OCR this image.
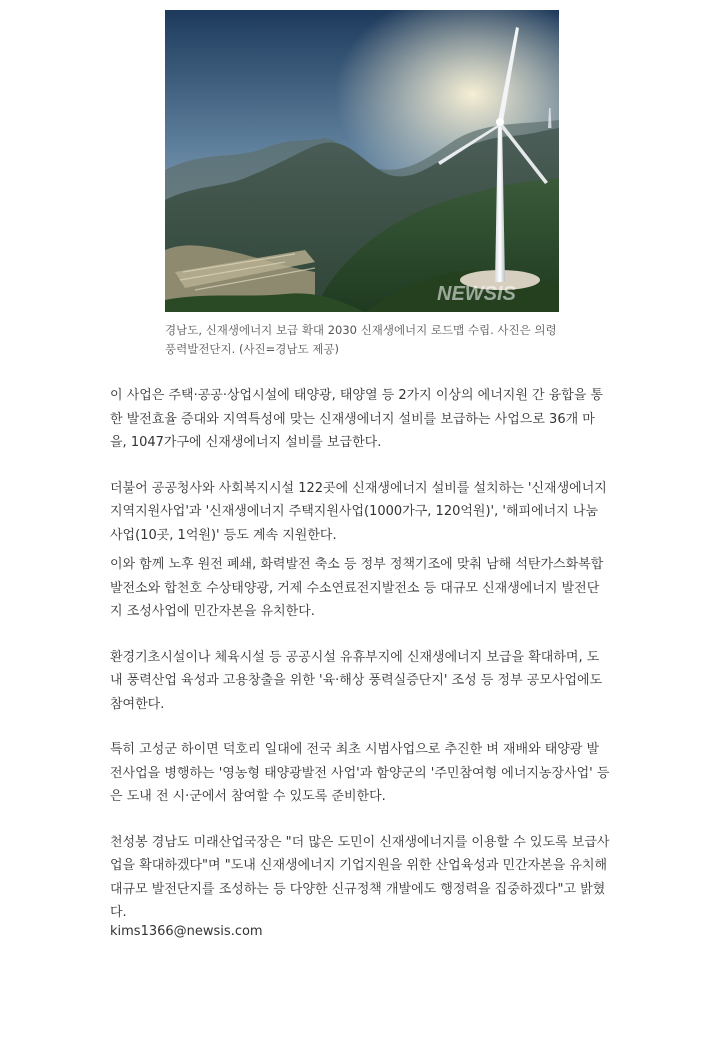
NEWSIS
경남도, 신재생에너지 보급 확대 2030 신재생에너지 로드맵 수립. 사진은 의령 풍력발전단지. (사진=경남도 제공)

이 사업은 주택·공공·상업시설에 태양광, 태양열 등 2가지 이상의 에너지원 간 융합을 통한 발전효율 증대와 지역특성에 맞는 신재생에너지 설비를 보급하는 사업으로 36개 마을, 1047가구에 신재생에너지 설비를 보급한다.

더불어 공공청사와 사회복지시설 122곳에 신재생에너지 설비를 설치하는 '신재생에너지 지역지원사업'과 '신재생에너지 주택지원사업(1000가구, 120억원)', '해피에너지 나눔사업(10곳, 1억원)' 등도 계속 지원한다.

이와 함께 노후 원전 폐쇄, 화력발전 축소 등 정부 정책기조에 맞춰 남해 석탄가스화복합발전소와 합천호 수상태양광, 거제 수소연료전지발전소 등 대규모 신재생에너지 발전단지 조성사업에 민간자본을 유치한다.

환경기초시설이나 체육시설 등 공공시설 유휴부지에 신재생에너지 보급을 확대하며, 도내 풍력산업 육성과 고용창출을 위한 '육·해상 풍력실증단지' 조성 등 정부 공모사업에도 참여한다.

특히 고성군 하이면 덕호리 일대에 전국 최초 시범사업으로 추진한 벼 재배와 태양광 발전사업을 병행하는 '영농형 태양광발전 사업'과 함양군의 '주민참여형 에너지농장사업' 등은 도내 전 시·군에서 참여할 수 있도록 준비한다.

천성봉 경남도 미래산업국장은 "더 많은 도민이 신재생에너지를 이용할 수 있도록 보급사업을 확대하겠다"며 "도내 신재생에너지 기업지원을 위한 산업육성과 민간자본을 유치해 대규모 발전단지를 조성하는 등 다양한 신규정책 개발에도 행정력을 집중하겠다"고 밝혔다.

kims1366@newsis.com
